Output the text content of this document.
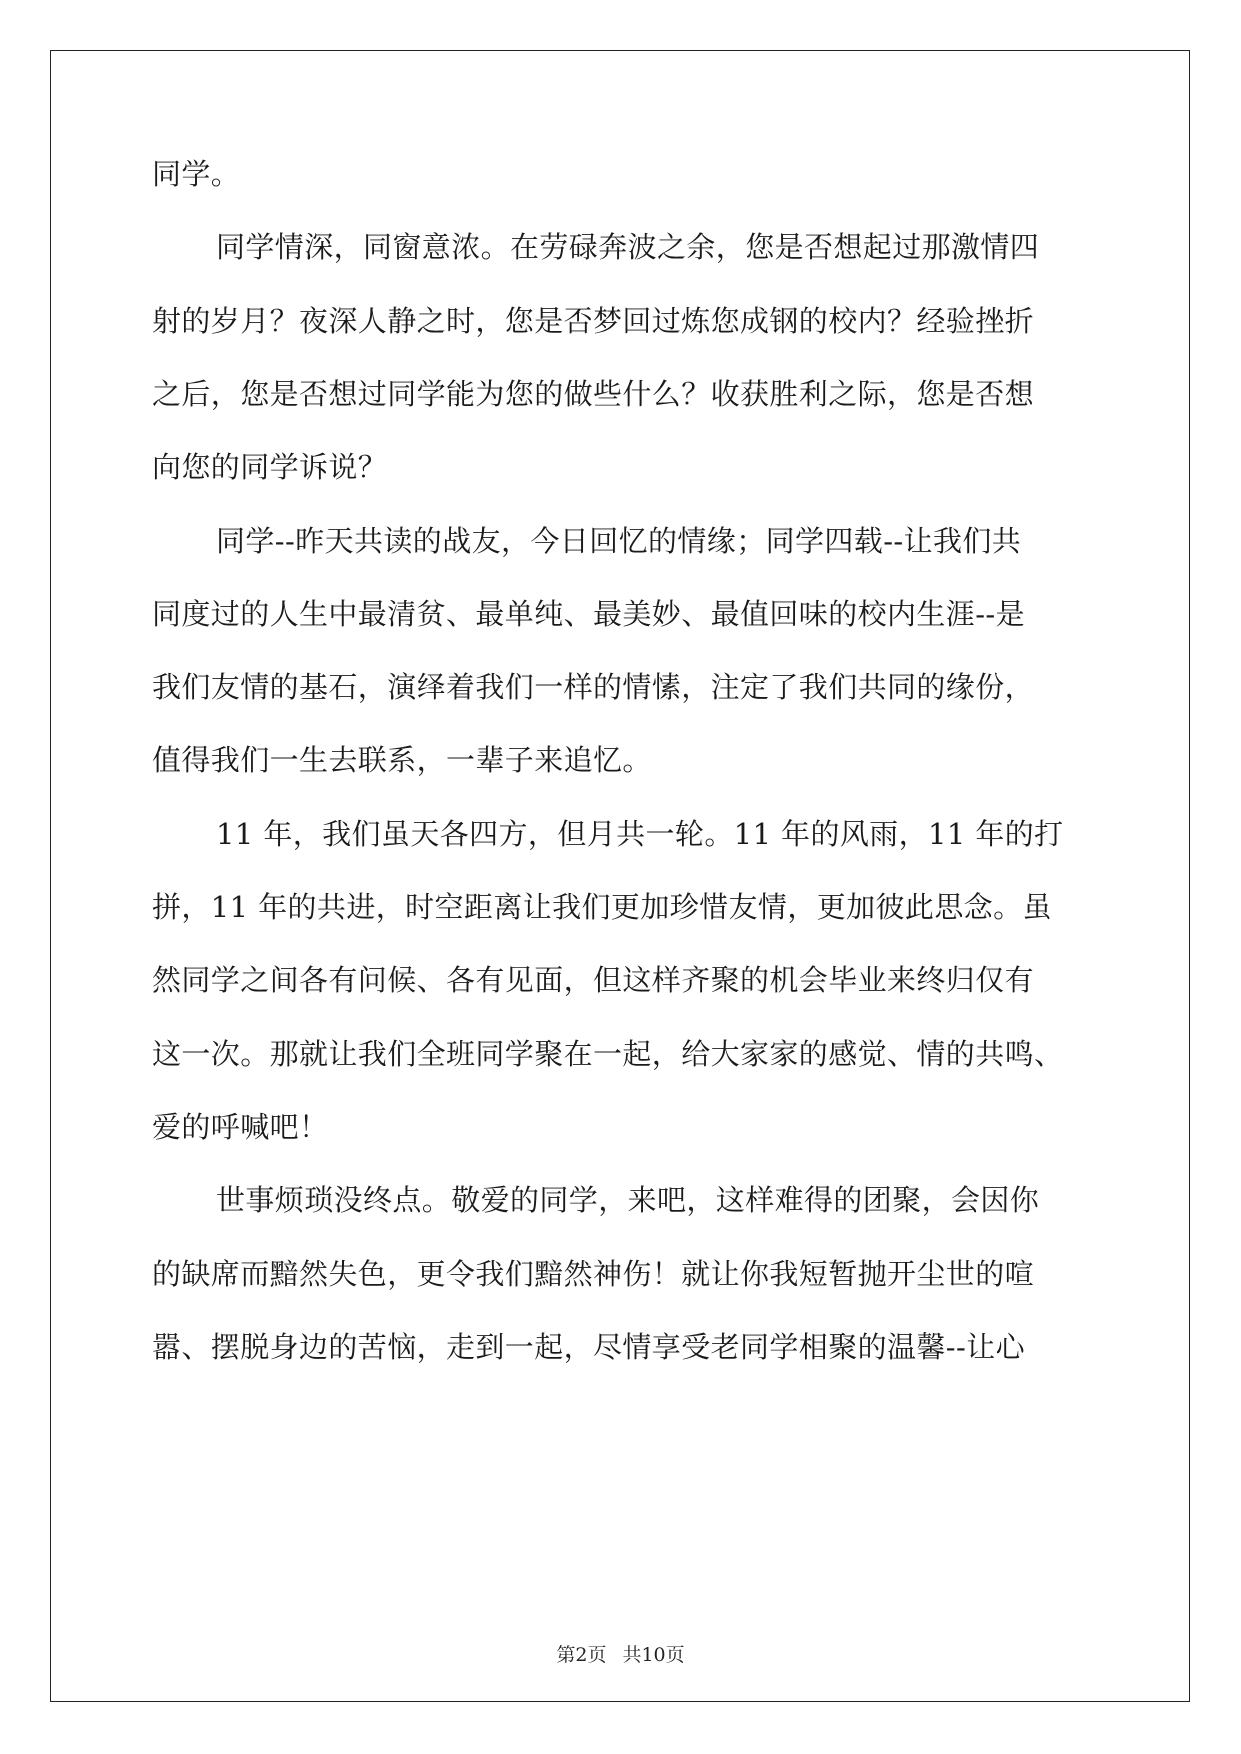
同学。
同学情深，同窗意浓。在劳碌奔波之余，您是否想起过那激情四
射的岁月？夜深人静之时，您是否梦回过炼您成钢的校内？经验挫折
之后，您是否想过同学能为您的做些什么？收获胜利之际，您是否想
向您的同学诉说？
同学--昨天共读的战友，今日回忆的情缘；同学四载--让我们共
同度过的人生中最清贫、最单纯、最美妙、最值回味的校内生涯--是
我们友情的基石，演绎着我们一样的情愫，注定了我们共同的缘份，
值得我们一生去联系，一辈子来追忆。
11 年，我们虽天各四方，但月共一轮。11 年的风雨，11 年的打
拼，11 年的共进，时空距离让我们更加珍惜友情，更加彼此思念。虽
然同学之间各有问候、各有见面，但这样齐聚的机会毕业来终归仅有
这一次。那就让我们全班同学聚在一起，给大家家的感觉、情的共鸣、
爱的呼喊吧！
世事烦琐没终点。敬爱的同学，来吧，这样难得的团聚，会因你
的缺席而黯然失色，更令我们黯然神伤！就让你我短暂抛开尘世的喧
嚣、摆脱身边的苦恼，走到一起，尽情享受老同学相聚的温馨--让心
第2页 共10页
